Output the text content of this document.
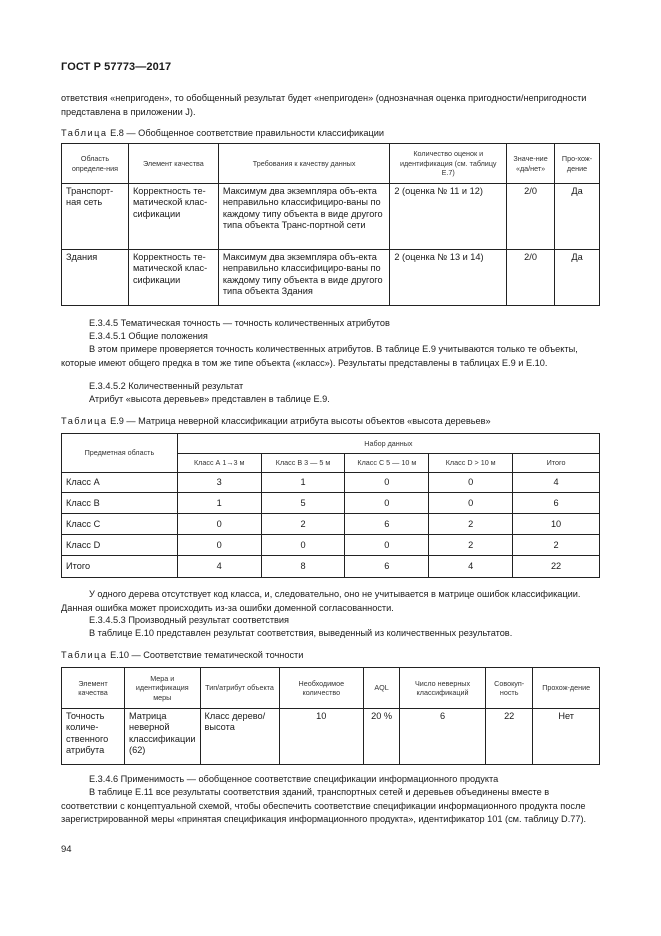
ГОСТ Р 57773—2017
ответствия «непригоден», то обобщенный результат будет «непригоден» (однозначная оценка пригодности/непригодности представлена в приложении J).
Таблица Е.8 — Обобщенное соответствие правильности классификации
Область определе-ния	Элемент качества	Требования к качеству данных	Количество оценок и идентификация (см. таблицу Е.7)	Значе-ние «да/нет»	Про-хож-дение
Транспорт-ная сеть	Корректность те-матической клас-сификации	Максимум два экземпляра объ-екта неправильно классифициро-ваны по каждому типу объекта в виде другого типа объекта Транс-портной сети	2 (оценка № 11 и 12)	2/0	Да
Здания	Корректность те-матической клас-сификации	Максимум два экземпляра объ-екта неправильно классифициро-ваны по каждому типу объекта в виде другого типа объекта Здания	2 (оценка № 13 и 14)	2/0	Да
Е.3.4.5 Тематическая точность — точность количественных атрибутов
Е.3.4.5.1 Общие положения
В этом примере проверяется точность количественных атрибутов. В таблице Е.9 учитываются только те объекты, которые имеют общего предка в том же типе объекта («класс»). Результаты представлены в таблицах Е.9 и Е.10.
Е.3.4.5.2 Количественный результат
Атрибут «высота деревьев» представлен в таблице Е.9.
Таблица Е.9 — Матрица неверной классификации атрибута высоты объектов «высота деревьев»
Предметная область	Набор данных				
	Класс А 1→3 м	Класс В 3 — 5 м	Класс С 5 — 10 м	Класс D > 10 м	Итого
Класс А	3	1	0	0	4
Класс В	1	5	0	0	6
Класс С	0	2	6	2	10
Класс D	0	0	0	2	2
Итого	4	8	6	4	22
У одного дерева отсутствует код класса, и, следовательно, оно не учитывается в матрице ошибок классификации. Данная ошибка может происходить из-за ошибки доменной согласованности.
Е.3.4.5.3 Производный результат соответствия
В таблице Е.10 представлен результат соответствия, выведенный из количественных результатов.
Таблица Е.10 — Соответствие тематической точности
Элемент качества	Мера и идентификация меры	Тип/атрибут объекта	Необходимое количество	AQL	Число неверных классификаций	Совокуп-ность	Прохож-дение
Точность количе-ственного атрибута	Матрица неверной классификации (62)	Класс дерево/ высота	10	20 %	6	22	Нет
Е.3.4.6 Применимость — обобщенное соответствие спецификации информационного продукта
В таблице Е.11 все результаты соответствия зданий, транспортных сетей и деревьев объединены вместе в соответствии с концептуальной схемой, чтобы обеспечить соответствие спецификации информационного продукта после зарегистрированной меры «принятая спецификация информационного продукта», идентификатор 101 (см. таблицу D.77).
94
